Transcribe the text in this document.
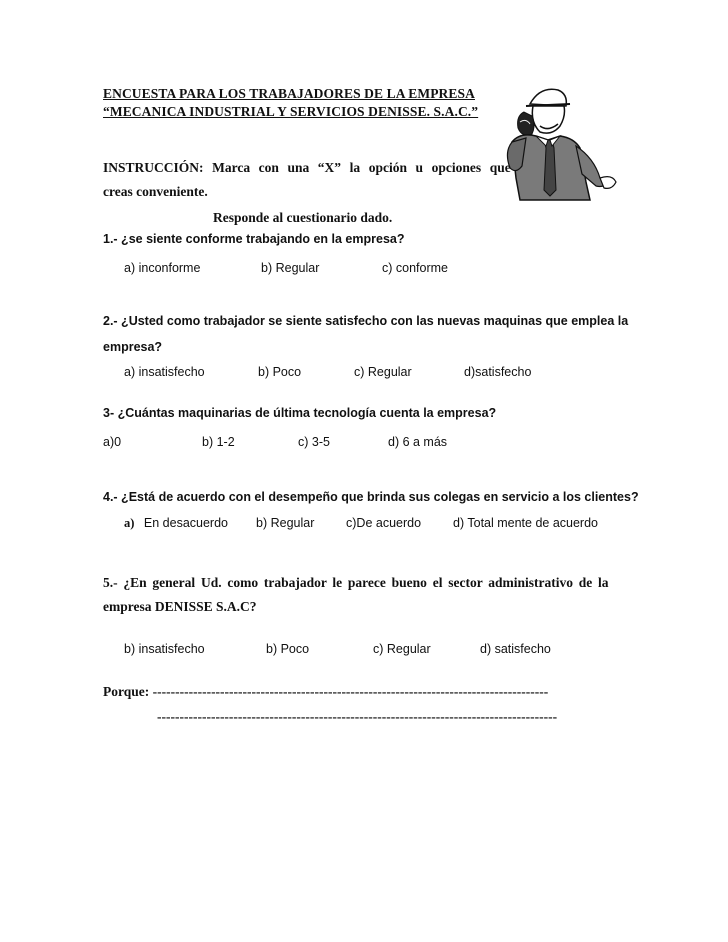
ENCUESTA PARA LOS TRABAJADORES DE LA EMPRESA
“MECANICA INDUSTRIAL Y SERVICIOS DENISSE. S.A.C.”
INSTRUCCIÓN: Marca con una “X” la opción u opciones que
creas conveniente.
Responde al cuestionario dado.
1.- ¿se siente conforme trabajando en la empresa?
a) inconforme	b) Regular	c) conforme
2.- ¿Usted como trabajador se siente satisfecho con las nuevas maquinas que emplea la
empresa?
a) insatisfecho	b) Poco	c) Regular	d)satisfecho
3- ¿Cuántas maquinarias de última tecnología cuenta la empresa?
a)0	b) 1-2	c) 3-5	d) 6 a más
4.- ¿Está de acuerdo con el desempeño que brinda sus colegas en servicio a los clientes?
a) En desacuerdo b) Regular	c)De acuerdo	d) Total mente de acuerdo
5.- ¿En general Ud. como trabajador le parece bueno el sector administrativo de la
empresa DENISSE S.A.C?
b) insatisfecho	b) Poco	c) Regular	d) satisfecho
Porque: ----------------------------------------------------------------------------------------
-----------------------------------------------------------------------------------------
